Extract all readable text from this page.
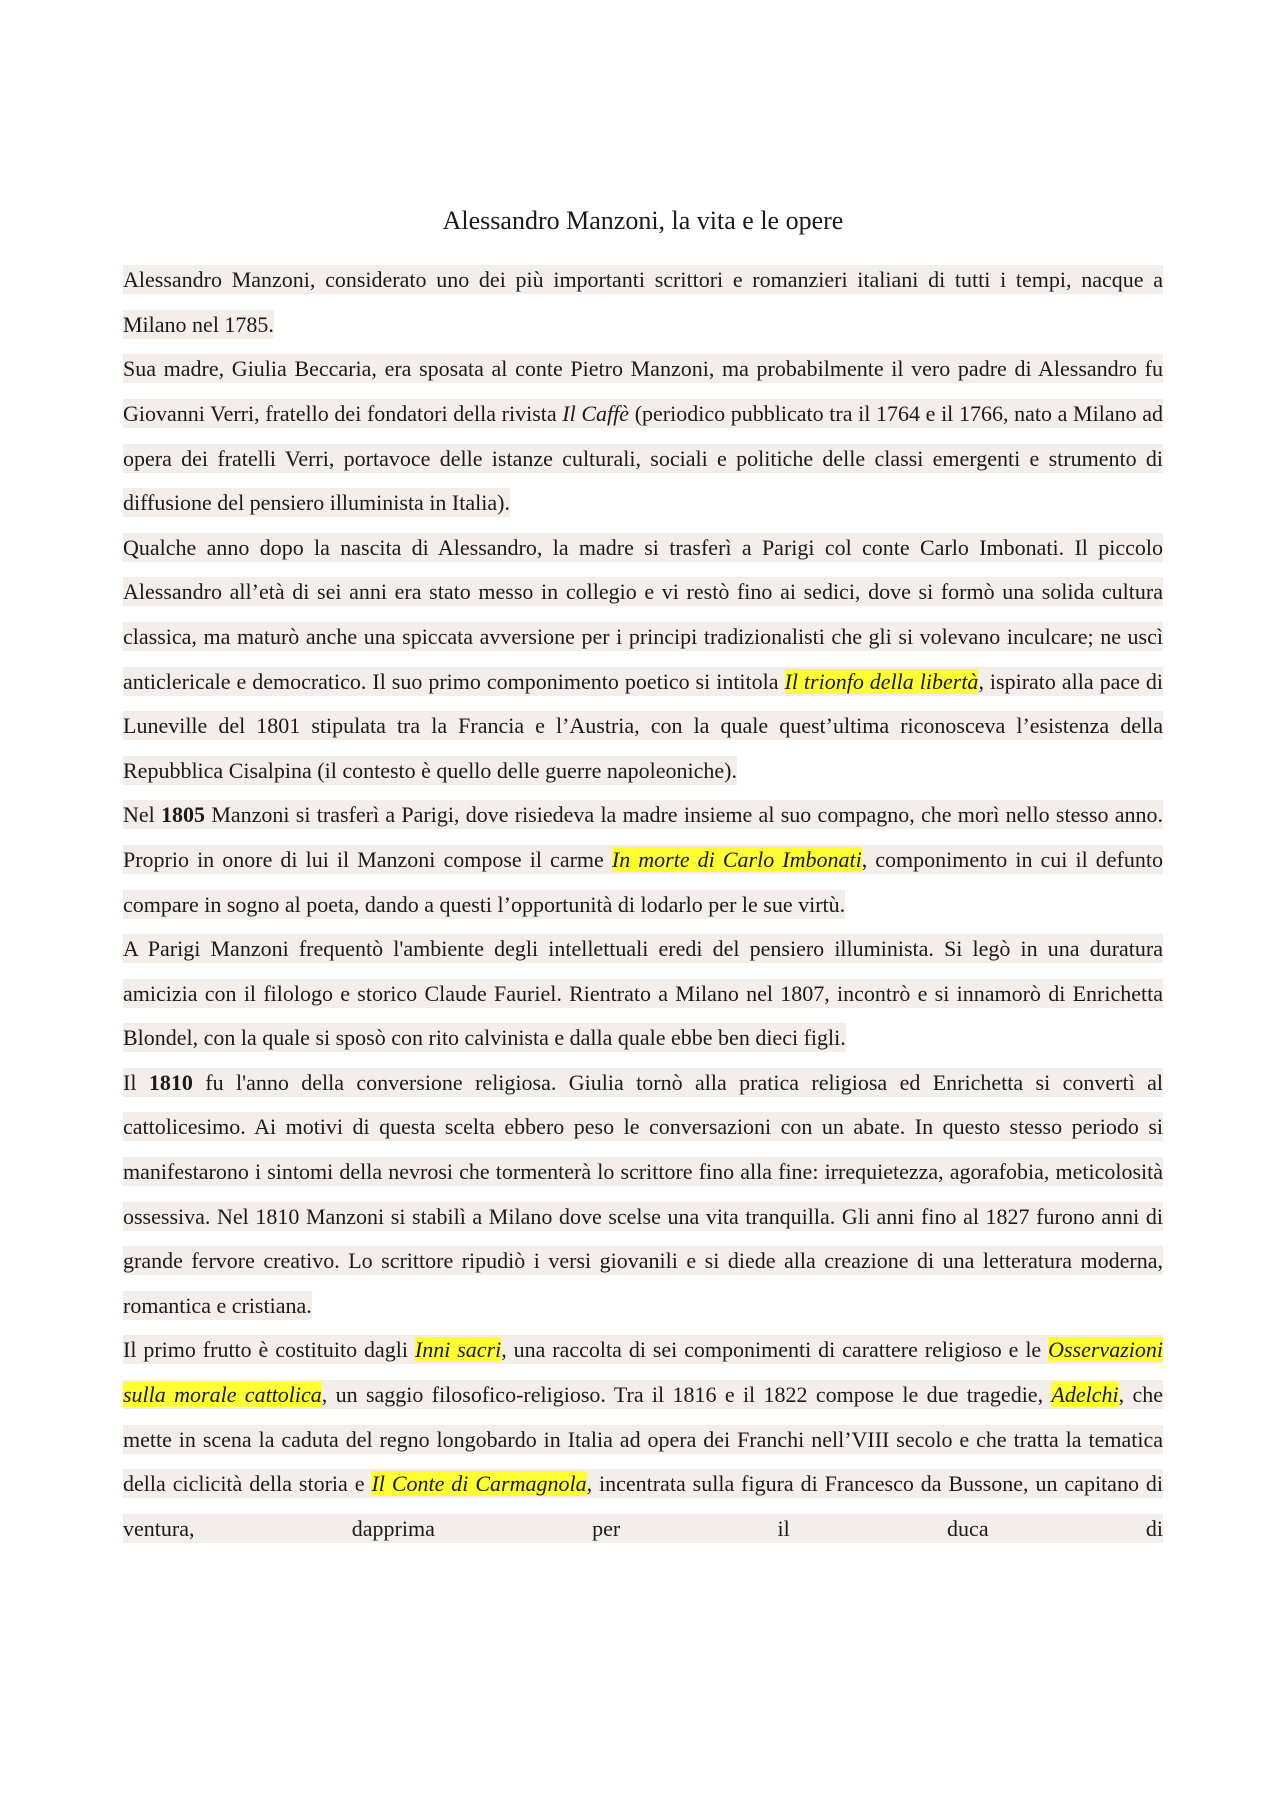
Alessandro Manzoni, la vita e le opere

Alessandro Manzoni, considerato uno dei più importanti scrittori e romanzieri italiani di tutti i tempi, nacque a Milano nel 1785.

Sua madre, Giulia Beccaria, era sposata al conte Pietro Manzoni, ma probabilmente il vero padre di Alessandro fu Giovanni Verri, fratello dei fondatori della rivista Il Caffè (periodico pubblicato tra il 1764 e il 1766, nato a Milano ad opera dei fratelli Verri, portavoce delle istanze culturali, sociali e politiche delle classi emergenti e strumento di diffusione del pensiero illuminista in Italia).

Qualche anno dopo la nascita di Alessandro, la madre si trasferì a Parigi col conte Carlo Imbonati. Il piccolo Alessandro all’età di sei anni era stato messo in collegio e vi restò fino ai sedici, dove si formò una solida cultura classica, ma maturò anche una spiccata avversione per i principi tradizionalisti che gli si volevano inculcare; ne uscì anticlericale e democratico. Il suo primo componimento poetico si intitola Il trionfo della libertà, ispirato alla pace di Luneville del 1801 stipulata tra la Francia e l’Austria, con la quale quest’ultima riconosceva l’esistenza della Repubblica Cisalpina (il contesto è quello delle guerre napoleoniche).

Nel 1805 Manzoni si trasferì a Parigi, dove risiedeva la madre insieme al suo compagno, che morì nello stesso anno. Proprio in onore di lui il Manzoni compose il carme In morte di Carlo Imbonati, componimento in cui il defunto compare in sogno al poeta, dando a questi l’opportunità di lodarlo per le sue virtù.

A Parigi Manzoni frequentò l'ambiente degli intellettuali eredi del pensiero illuminista. Si legò in una duratura amicizia con il filologo e storico Claude Fauriel. Rientrato a Milano nel 1807, incontrò e si innamorò di Enrichetta Blondel, con la quale si sposò con rito calvinista e dalla quale ebbe ben dieci figli.

Il 1810 fu l'anno della conversione religiosa. Giulia tornò alla pratica religiosa ed Enrichetta si convertì al cattolicesimo. Ai motivi di questa scelta ebbero peso le conversazioni con un abate. In questo stesso periodo si manifestarono i sintomi della nevrosi che tormenterà lo scrittore fino alla fine: irrequietezza, agorafobia, meticolosità ossessiva. Nel 1810 Manzoni si stabilì a Milano dove scelse una vita tranquilla. Gli anni fino al 1827 furono anni di grande fervore creativo. Lo scrittore ripudiò i versi giovanili e si diede alla creazione di una letteratura moderna, romantica e cristiana.

Il primo frutto è costituito dagli Inni sacri, una raccolta di sei componimenti di carattere religioso e le Osservazioni sulla morale cattolica, un saggio filosofico-religioso. Tra il 1816 e il 1822 compose le due tragedie, Adelchi, che mette in scena la caduta del regno longobardo in Italia ad opera dei Franchi nell’VIII secolo e che tratta la tematica della ciclicità della storia e Il Conte di Carmagnola, incentrata sulla figura di Francesco da Bussone, un capitano di ventura, dapprima per il duca di
